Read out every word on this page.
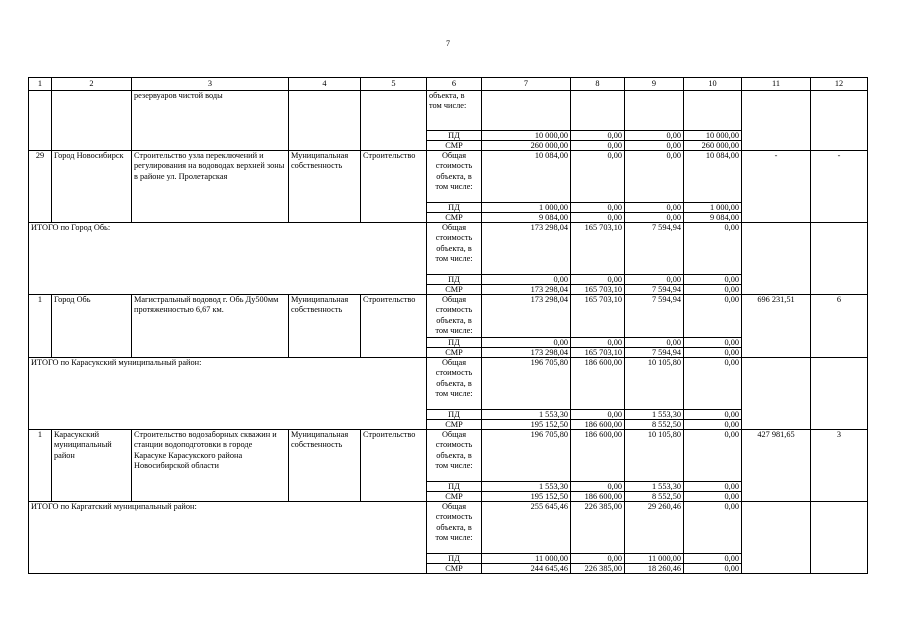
7
1	2	3	4	5	6	7	8	9	10	11	12
		резервуаров чистой воды			объекта, в том числе:						
					ПД	10 000,00	0,00	0,00	10 000,00		
					СМР	260 000,00	0,00	0,00	260 000,00		
29	Город Новосибирск	Строительство узла переключений и регулирования на водоводах верхней зоны в районе ул. Пролетарская	Муниципальная собственность	Строительство	Общая стоимость объекта, в том числе:	10 084,00	0,00	0,00	10 084,00	-	-
					ПД	1 000,00	0,00	0,00	1 000,00		
					СМР	9 084,00	0,00	0,00	9 084,00		
ИТОГО по Город Обь:					Общая стоимость объекта, в том числе:	173 298,04	165 703,10	7 594,94	0,00		
					ПД	0,00	0,00	0,00	0,00		
					СМР	173 298,04	165 703,10	7 594,94	0,00		
1	Город Обь	Магистральный водовод г. Обь Ду500мм протяженностью 6,67 км.	Муниципальная собственность	Строительство	Общая стоимость объекта, в том числе:	173 298,04	165 703,10	7 594,94	0,00	696 231,51	6
					ПД	0,00	0,00	0,00	0,00		
					СМР	173 298,04	165 703,10	7 594,94	0,00		
ИТОГО по Карасукский муниципальный район:					Общая стоимость объекта, в том числе:	196 705,80	186 600,00	10 105,80	0,00		
					ПД	1 553,30	0,00	1 553,30	0,00		
					СМР	195 152,50	186 600,00	8 552,50	0,00		
1	Карасукский муниципальный район	Строительство водозаборных скважин и станции водоподготовки в городе Карасуке Карасукского района Новосибирской области	Муниципальная собственность	Строительство	Общая стоимость объекта, в том числе:	196 705,80	186 600,00	10 105,80	0,00	427 981,65	3
					ПД	1 553,30	0,00	1 553,30	0,00		
					СМР	195 152,50	186 600,00	8 552,50	0,00		
ИТОГО по Каргатский муниципальный район:					Общая стоимость объекта, в том числе:	255 645,46	226 385,00	29 260,46	0,00		
					ПД	11 000,00	0,00	11 000,00	0,00		
					СМР	244 645,46	226 385,00	18 260,46	0,00		
